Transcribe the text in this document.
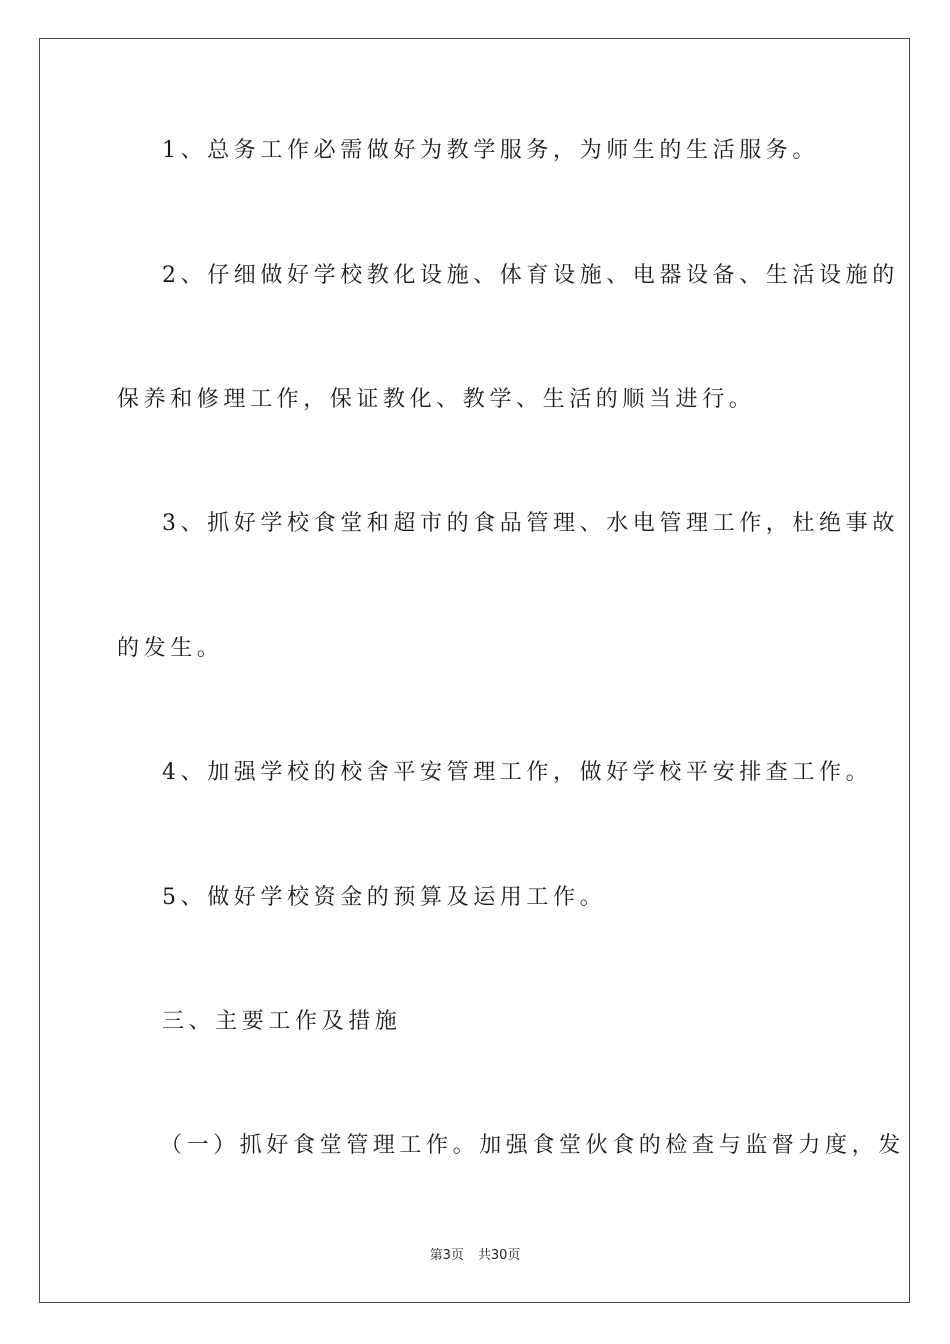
1、总务工作必需做好为教学服务，为师生的生活服务。
2、仔细做好学校教化设施、体育设施、电器设备、生活设施的
保养和修理工作，保证教化、教学、生活的顺当进行。
3、抓好学校食堂和超市的食品管理、水电管理工作，杜绝事故
的发生。
4、加强学校的校舍平安管理工作，做好学校平安排查工作。
5、做好学校资金的预算及运用工作。
三、主要工作及措施
（一）抓好食堂管理工作。加强食堂伙食的检查与监督力度，发
第3页 共30页
